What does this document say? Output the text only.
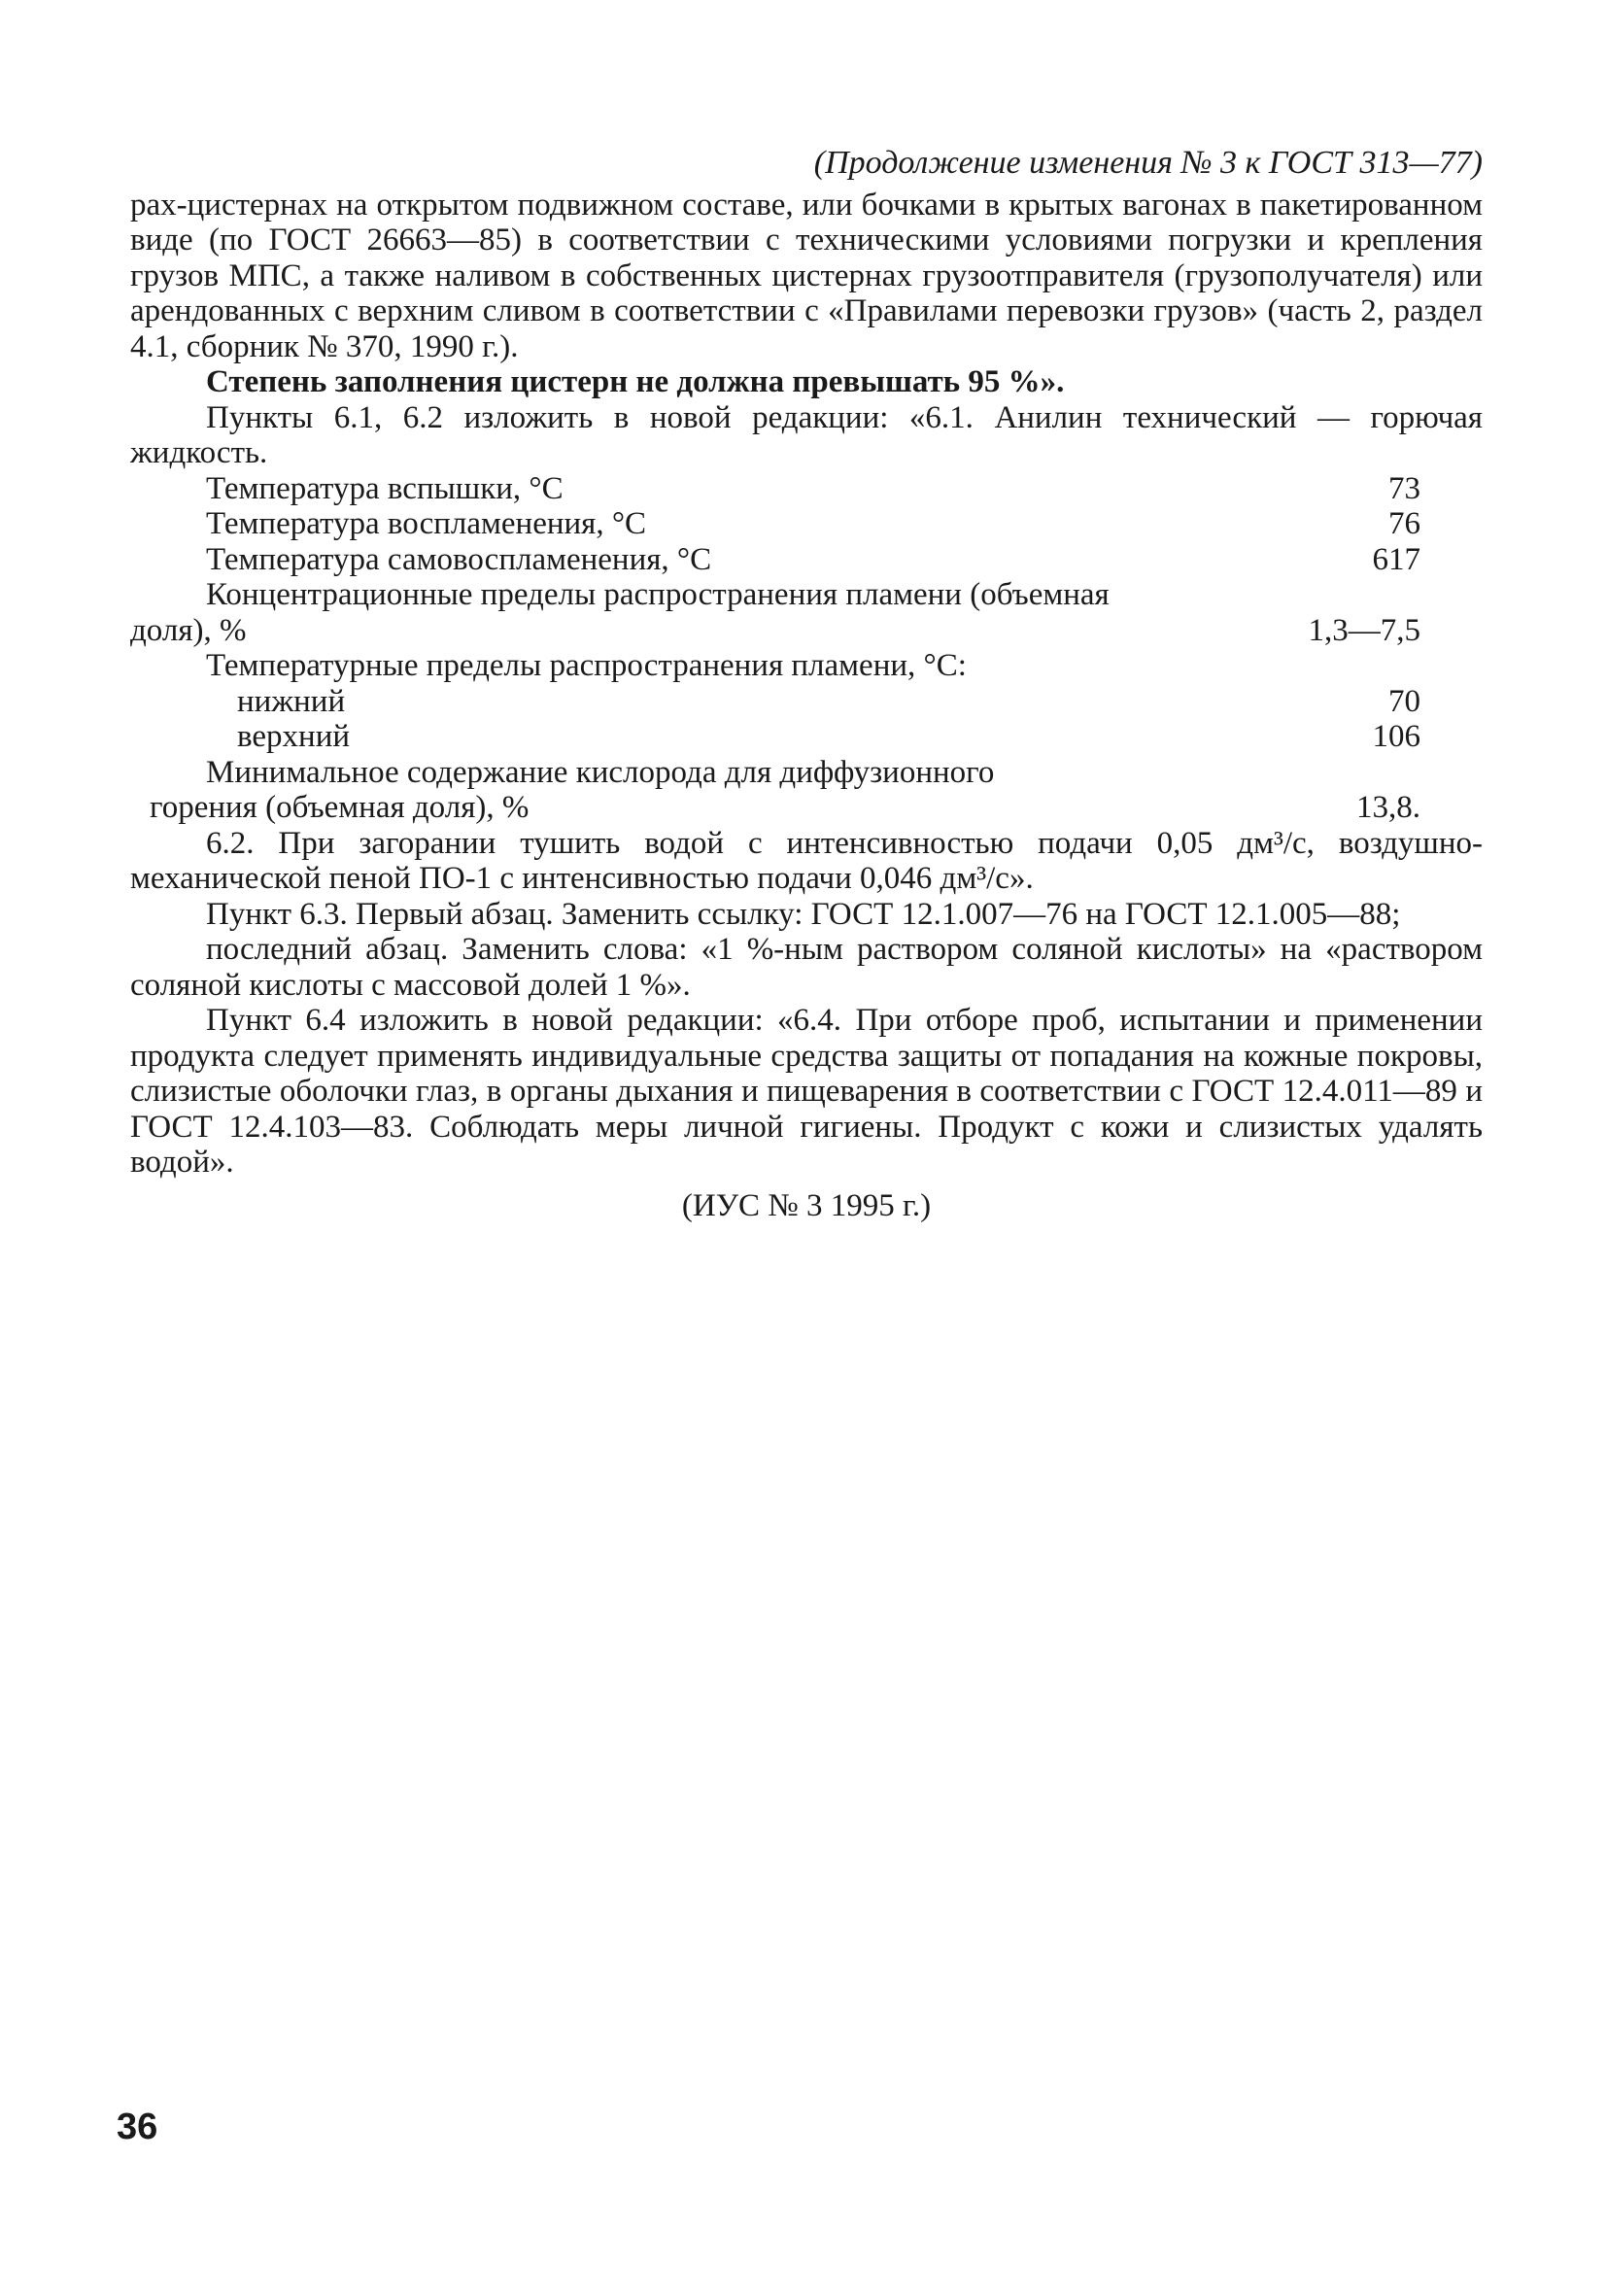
(Продолжение изменения № 3 к ГОСТ 313—77)

рах-цистернах на открытом подвижном составе, или бочками в крытых вагонах в пакетированном виде (по ГОСТ 26663—85) в соответствии с техническими условиями погрузки и крепления грузов МПС, а также наливом в собственных цистернах грузоотправителя (грузополучателя) или арендованных с верхним сливом в соответствии с «Правилами перевозки грузов» (часть 2, раздел 4.1, сборник № 370, 1990 г.).

Степень заполнения цистерн не должна превышать 95 %».

Пункты 6.1, 6.2 изложить в новой редакции: «6.1. Анилин технический — горючая жидкость.

Температура вспышки, °С	73
Температура воспламенения, °С	76
Температура самовоспламенения, °С	617
Концентрационные пределы распространения пламени (объемная
доля), %	1,3—7,5
Температурные пределы распространения пламени, °С:
нижний	70
верхний	106
Минимальное содержание кислорода для диффузионного
горения (объемная доля), %	13,8.

6.2. При загорании тушить водой с интенсивностью подачи 0,05 дм³/с, воздушно-механической пеной ПО-1 с интенсивностью подачи 0,046 дм³/с».

Пункт 6.3. Первый абзац. Заменить ссылку: ГОСТ 12.1.007—76 на ГОСТ 12.1.005—88;

последний абзац. Заменить слова: «1 %-ным раствором соляной кислоты» на «раствором соляной кислоты с массовой долей 1 %».

Пункт 6.4 изложить в новой редакции: «6.4. При отборе проб, испытании и применении продукта следует применять индивидуальные средства защиты от попадания на кожные покровы, слизистые оболочки глаз, в органы дыхания и пищеварения в соответствии с ГОСТ 12.4.011—89 и ГОСТ 12.4.103—83. Соблюдать меры личной гигиены. Продукт с кожи и слизистых удалять водой».

(ИУС № 3 1995 г.)
36
